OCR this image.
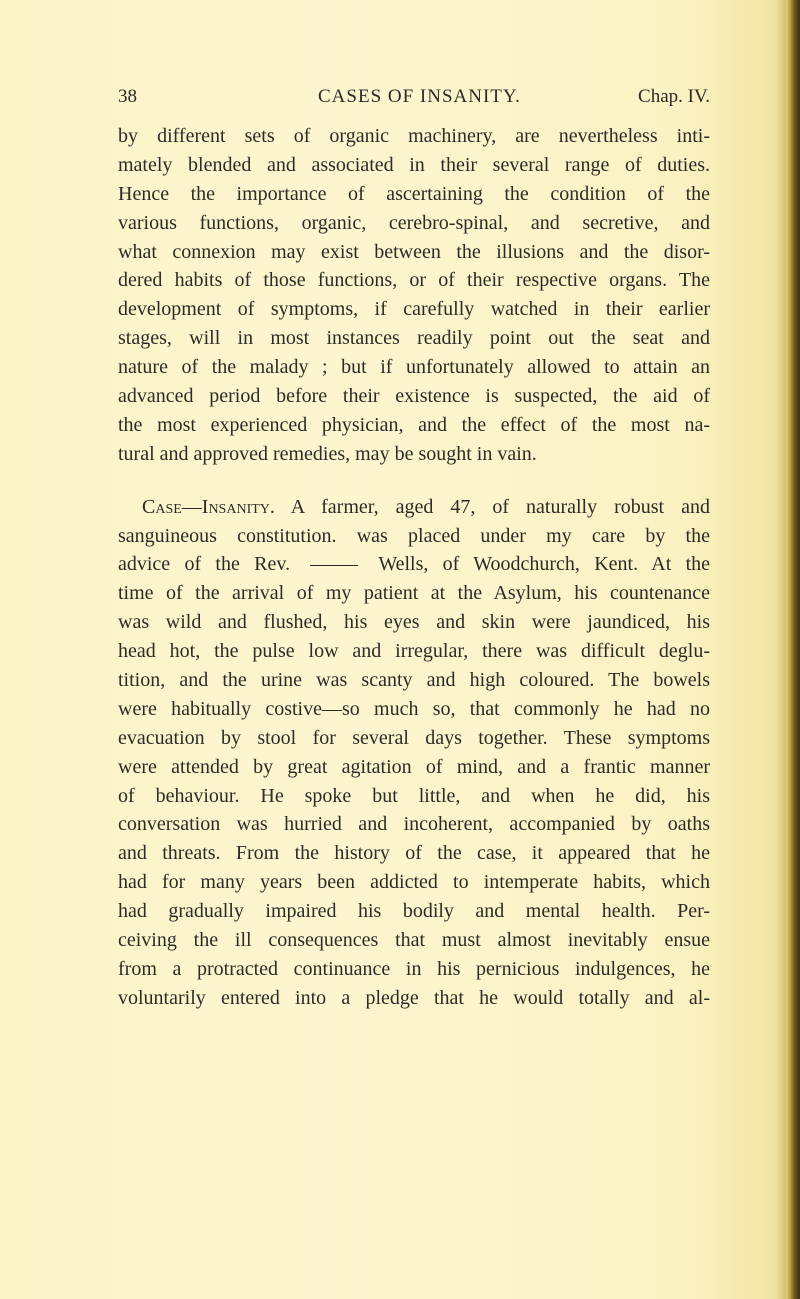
38	CASES OF INSANITY.	Chap. IV.
by different sets of organic machinery, are nevertheless inti-
mately blended and associated in their several range of duties.
Hence the importance of ascertaining the condition of the
various functions, organic, cerebro-spinal, and secretive, and
what connexion may exist between the illusions and the disor-
dered habits of those functions, or of their respective organs. The
development of symptoms, if carefully watched in their earlier
stages, will in most instances readily point out the seat and
nature of the malady ; but if unfortunately allowed to attain an
advanced period before their existence is suspected, the aid of
the most experienced physician, and the effect of the most na-
tural and approved remedies, may be sought in vain.
Case—Insanity. A farmer, aged 47, of naturally robust and
sanguineous constitution. was placed under my care by the
advice of the Rev.	Wells, of Woodchurch, Kent. At the
time of the arrival of my patient at the Asylum, his countenance
was wild and flushed, his eyes and skin were jaundiced, his
head hot, the pulse low and irregular, there was difficult deglu-
tition, and the urine was scanty and high coloured. The bowels
were habitually costive—so much so, that commonly he had no
evacuation by stool for several days together. These symptoms
were attended by great agitation of mind, and a frantic manner
of behaviour. He spoke but little, and when he did, his
conversation was hurried and incoherent, accompanied by oaths
and threats. From the history of the case, it appeared that he
had for many years been addicted to intemperate habits, which
had gradually impaired his bodily and mental health. Per-
ceiving the ill consequences that must almost inevitably ensue
from a protracted continuance in his pernicious indulgences, he
voluntarily entered into a pledge that he would totally and al-
